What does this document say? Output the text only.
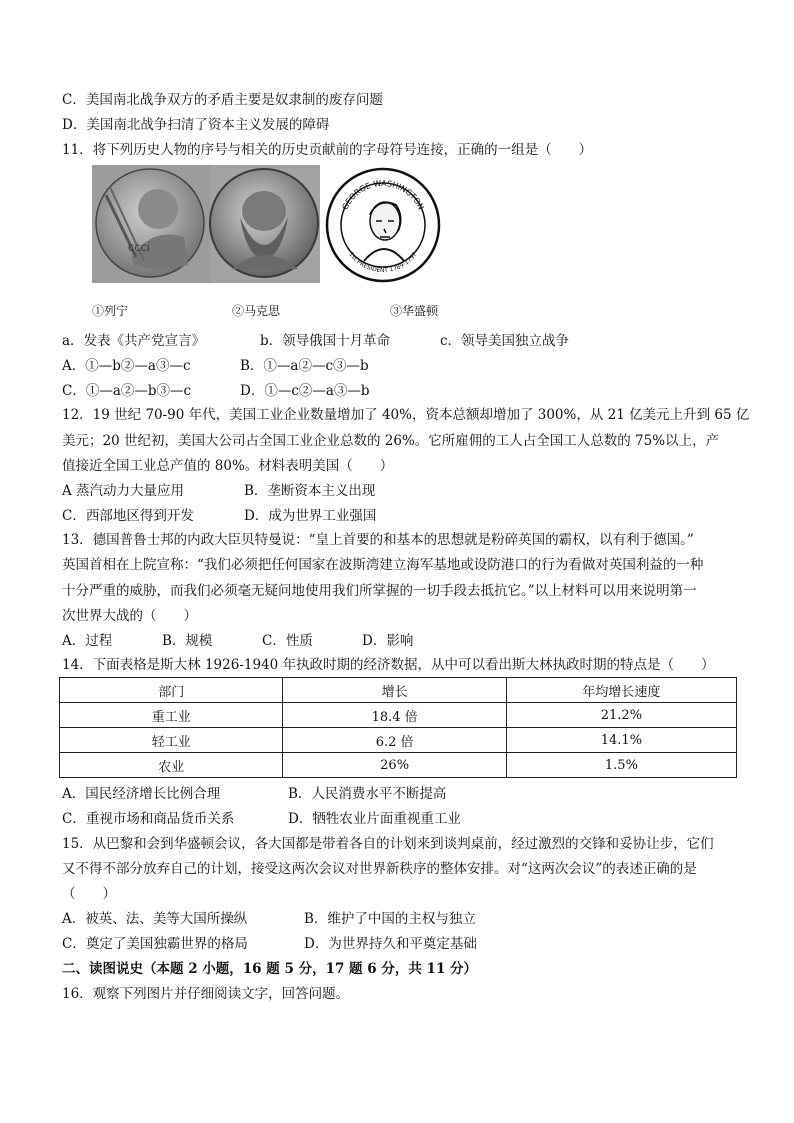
C．美国南北战争双方的矛盾主要是奴隶制的废存问题
D．美国南北战争扫清了资本主义发展的障碍
11．将下列历史人物的序号与相关的历史贡献前的字母符号连接，正确的一组是（　　）
CCCI
GEORGE WASHINGTON
1st PRESIDENT 1789-1797
①列宁	②马克思	③华盛顿
a．发表《共产党宣言》	b．领导俄国十月革命	c．领导美国独立战争
A．①—b②—a③—c	B．①—a②—c③—b
C．①—a②—b③—c	D．①—c②—a③—b
12．19 世纪 70-90 年代，美国工业企业数量增加了 40%，资本总额却增加了 300%，从 21 亿美元上升到 65 亿
美元；20 世纪初，美国大公司占全国工业企业总数的 26%。它所雇佣的工人占全国工人总数的 75%以上，产
值接近全国工业总产值的 80%。材料表明美国（　　）
A 蒸汽动力大量应用	B．垄断资本主义出现
C．西部地区得到开发	D．成为世界工业强国
13．德国普鲁士邦的内政大臣贝特曼说：“皇上首要的和基本的思想就是粉碎英国的霸权，以有利于德国。”
英国首相在上院宣称：“我们必须把任何国家在波斯湾建立海军基地或设防港口的行为看做对英国利益的一种
十分严重的威胁，而我们必须毫无疑问地使用我们所掌握的一切手段去抵抗它。”以上材料可以用来说明第一
次世界大战的（　　）
A．过程	B．规模	C．性质	D．影响
14．下面表格是斯大林 1926-1940 年执政时期的经济数据，从中可以看出斯大林执政时期的特点是（　　）
部门	增长	年均增长速度
重工业	18.4 倍	21.2%
轻工业	6.2 倍	14.1%
农业	26%	1.5%
A．国民经济增长比例合理	B．人民消费水平不断提高
C．重视市场和商品货币关系	D．牺牲农业片面重视重工业
15．从巴黎和会到华盛顿会议，各大国都是带着各自的计划来到谈判桌前，经过激烈的交锋和妥协让步，它们
又不得不部分放弃自己的计划，接受这两次会议对世界新秩序的整体安排。对“这两次会议”的表述正确的是
（　　）
A．被英、法、美等大国所操纵	B．维护了中国的主权与独立
C．奠定了美国独霸世界的格局	D．为世界持久和平奠定基础
二、读图说史（本题 2 小题，16 题 5 分，17 题 6 分，共 11 分）
16．观察下列图片并仔细阅读文字，回答问题。
